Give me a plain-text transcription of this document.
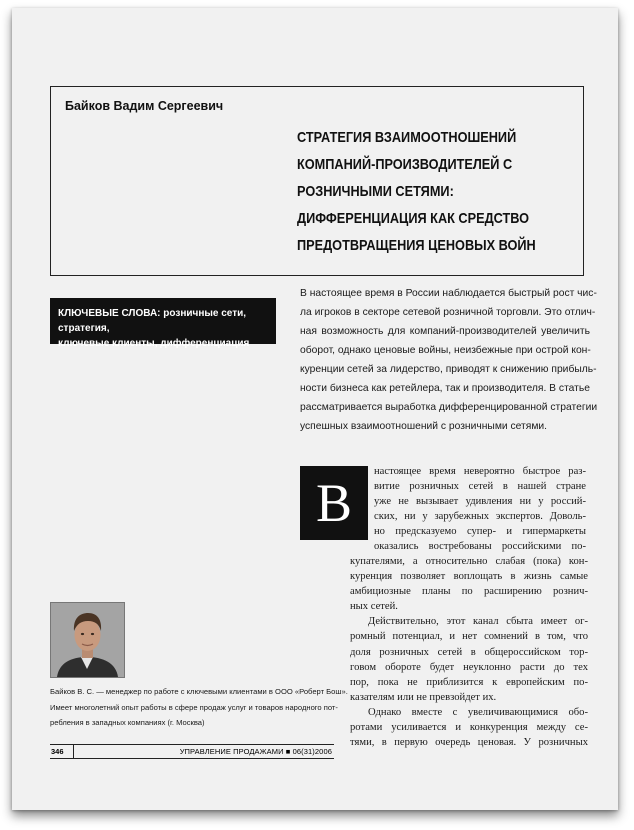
Байков Вадим Сергеевич
СТРАТЕГИЯ ВЗАИМООТНОШЕНИЙ
КОМПАНИЙ-ПРОИЗВОДИТЕЛЕЙ С
РОЗНИЧНЫМИ СЕТЯМИ:
ДИФФЕРЕНЦИАЦИЯ КАК СРЕДСТВО
ПРЕДОТВРАЩЕНИЯ ЦЕНОВЫХ ВОЙН
КЛЮЧЕВЫЕ СЛОВА: розничные сети, стратегия,
ключевые клиенты, дифференциация
В настоящее время в России наблюдается быстрый рост чис-
ла игроков в секторе сетевой розничной торговли. Это отлич-
ная возможность для компаний-производителей увеличить
оборот, однако ценовые войны, неизбежные при острой кон-
куренции сетей за лидерство, приводят к снижению прибыль-
ности бизнеса как ретейлера, так и производителя. В статье
рассматривается выработка дифференцированной стратегии
успешных взаимоотношений с розничными сетями.
В
настоящее время невероятно быстрое раз-
витие розничных сетей в нашей стране
уже не вызывает удивления ни у россий-
ских, ни у зарубежных экспертов. Доволь-
но предсказуемо супер- и гипермаркеты
оказались востребованы российскими по-
купателями, а относительно слабая (пока) кон-
куренция позволяет воплощать в жизнь самые
амбициозные планы по расширению рознич-
ных сетей.
Действительно, этот канал сбыта имеет ог-
ромный потенциал, и нет сомнений в том, что
доля розничных сетей в общероссийском тор-
говом обороте будет неуклонно расти до тех
пор, пока не приблизится к европейским по-
казателям или не превзойдет их.
Однако вместе с увеличивающимися обо-
ротами усиливается и конкуренция между се-
тями, в первую очередь ценовая. У розничных
Байков В. С. — менеджер по работе с ключевыми клиентами в ООО «Роберт Бош».
Имеет многолетний опыт работы в сфере продаж услуг и товаров народного пот-
ребления в западных компаниях (г. Москва)
346	УПРАВЛЕНИЕ ПРОДАЖАМИ ■ 06(31)2006
